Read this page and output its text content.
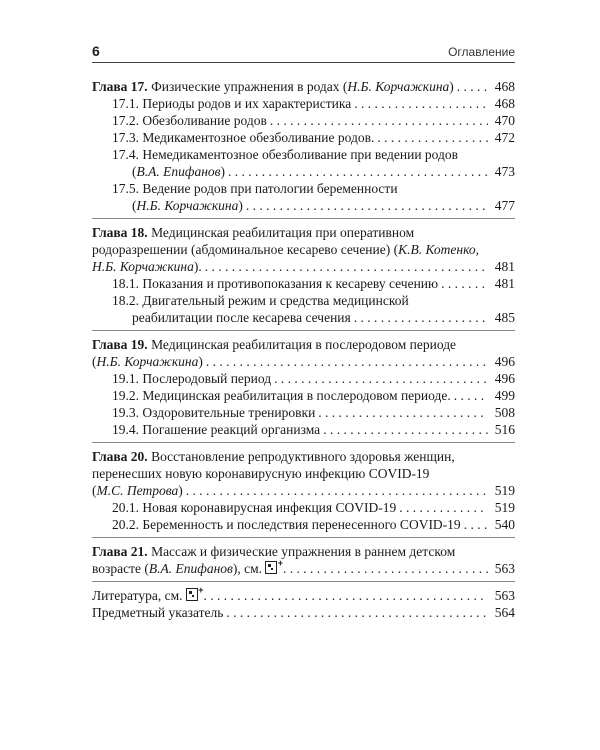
6	Оглавление
Глава 17. Физические упражнения в родах (Н.Б. Корчажкина) . . .	468
17.1. Периоды родов и их характеристика . . .	468
17.2. Обезболивание родов . . .	470
17.3. Медикаментозное обезболивание родов. . . .	472
17.4. Немедикаментозное обезболивание при ведении родов
(В.А. Епифанов) . . .	473
17.5. Ведение родов при патологии беременности
(Н.Б. Корчажкина) . . .	477
Глава 18. Медицинская реабилитация при оперативном
родоразрешении (абдоминальное кесарево сечение) (К.В. Котенко,
Н.Б. Корчажкина). . . .	481
18.1. Показания и противопоказания к кесареву сечению . . .	481
18.2. Двигательный режим и средства медицинской
реабилитации после кесарева сечения . . .	485
Глава 19. Медицинская реабилитация в послеродовом периоде
(Н.Б. Корчажкина) . . .	496
19.1. Послеродовый период . . .	496
19.2. Медицинская реабилитация в послеродовом периоде. . . .	499
19.3. Оздоровительные тренировки . . .	508
19.4. Погашение реакций организма . . .	516
Глава 20. Восстановление репродуктивного здоровья женщин,
перенесших новую коронавирусную инфекцию COVID-19
(М.С. Петрова) . . .	519
20.1. Новая коронавирусная инфекция COVID-19 . . .	519
20.2. Беременность и последствия перенесенного COVID-19 . . .	540
Глава 21. Массаж и физические упражнения в раннем детском
возрасте (В.А. Епифанов), см. + . . .	563
Литература, см. + . . .	563
Предметный указатель . . .	564
